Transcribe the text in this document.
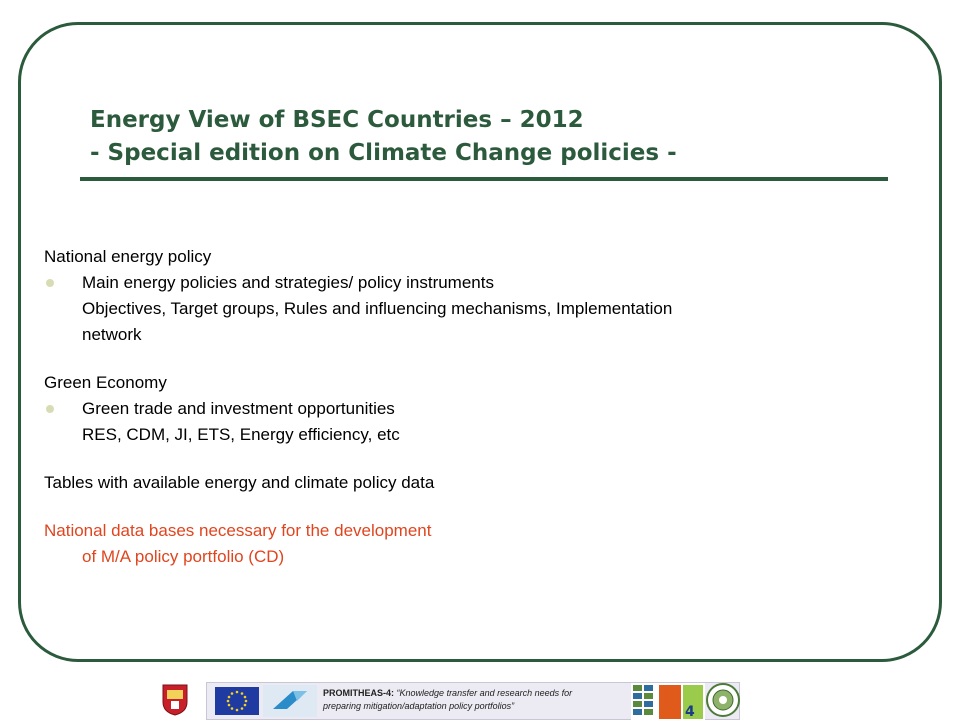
Energy View of BSEC Countries – 2012
- Special edition on Climate Change policies -
National energy policy
Main energy policies and strategies/ policy instruments
Objectives, Target groups, Rules and influencing mechanisms, Implementation
network
Green Economy
Green trade and investment opportunities
RES, CDM, JI, ETS, Energy efficiency, etc
Tables with available energy and climate policy data
National data bases necessary for the development
of M/A policy portfolio (CD)
PROMITHEAS-4: “Knowledge transfer and research needs for
preparing mitigation/adaptation policy portfolios”	4
